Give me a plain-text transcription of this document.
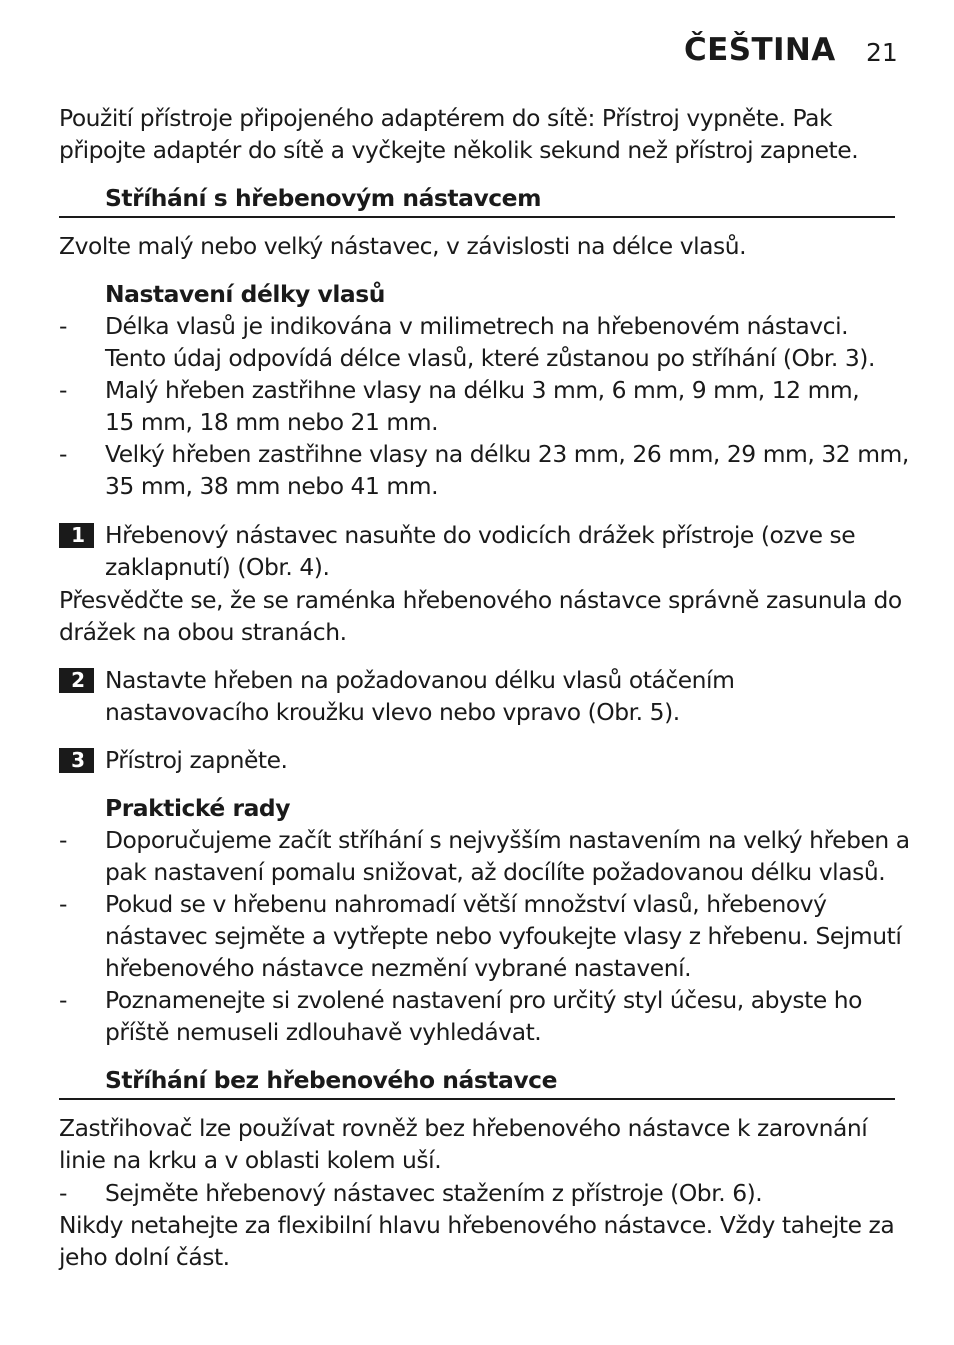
ČEŠTINA 21
Použití přístroje připojeného adaptérem do sítě: Přístroj vypněte. Pak
připojte adaptér do sítě a vyčkejte několik sekund než přístroj zapnete.
Stříhání s hřebenovým nástavcem
Zvolte malý nebo velký nástavec, v závislosti na délce vlasů.
Nastavení délky vlasů
- Délka vlasů je indikována v milimetrech na hřebenovém nástavci.
Tento údaj odpovídá délce vlasů, které zůstanou po stříhání (Obr. 3).
- Malý hřeben zastřihne vlasy na délku 3 mm, 6 mm, 9 mm, 12 mm,
15 mm, 18 mm nebo 21 mm.
- Velký hřeben zastřihne vlasy na délku 23 mm, 26 mm, 29 mm, 32 mm,
35 mm, 38 mm nebo 41 mm.
1 Hřebenový nástavec nasuňte do vodicích drážek přístroje (ozve se
zaklapnutí) (Obr. 4).
Přesvědčte se, že se raménka hřebenového nástavce správně zasunula do
drážek na obou stranách.
2 Nastavte hřeben na požadovanou délku vlasů otáčením
nastavovacího kroužku vlevo nebo vpravo (Obr. 5).
3 Přístroj zapněte.
Praktické rady
- Doporučujeme začít stříhání s nejvyšším nastavením na velký hřeben a
pak nastavení pomalu snižovat, až docílíte požadovanou délku vlasů.
- Pokud se v hřebenu nahromadí větší množství vlasů, hřebenový
nástavec sejměte a vytřepte nebo vyfoukejte vlasy z hřebenu. Sejmutí
hřebenového nástavce nezmění vybrané nastavení.
- Poznamenejte si zvolené nastavení pro určitý styl účesu, abyste ho
příště nemuseli zdlouhavě vyhledávat.
Stříhání bez hřebenového nástavce
Zastřihovač lze používat rovněž bez hřebenového nástavce k zarovnání
linie na krku a v oblasti kolem uší.
- Sejměte hřebenový nástavec stažením z přístroje (Obr. 6).
Nikdy netahejte za flexibilní hlavu hřebenového nástavce. Vždy tahejte za
jeho dolní část.
